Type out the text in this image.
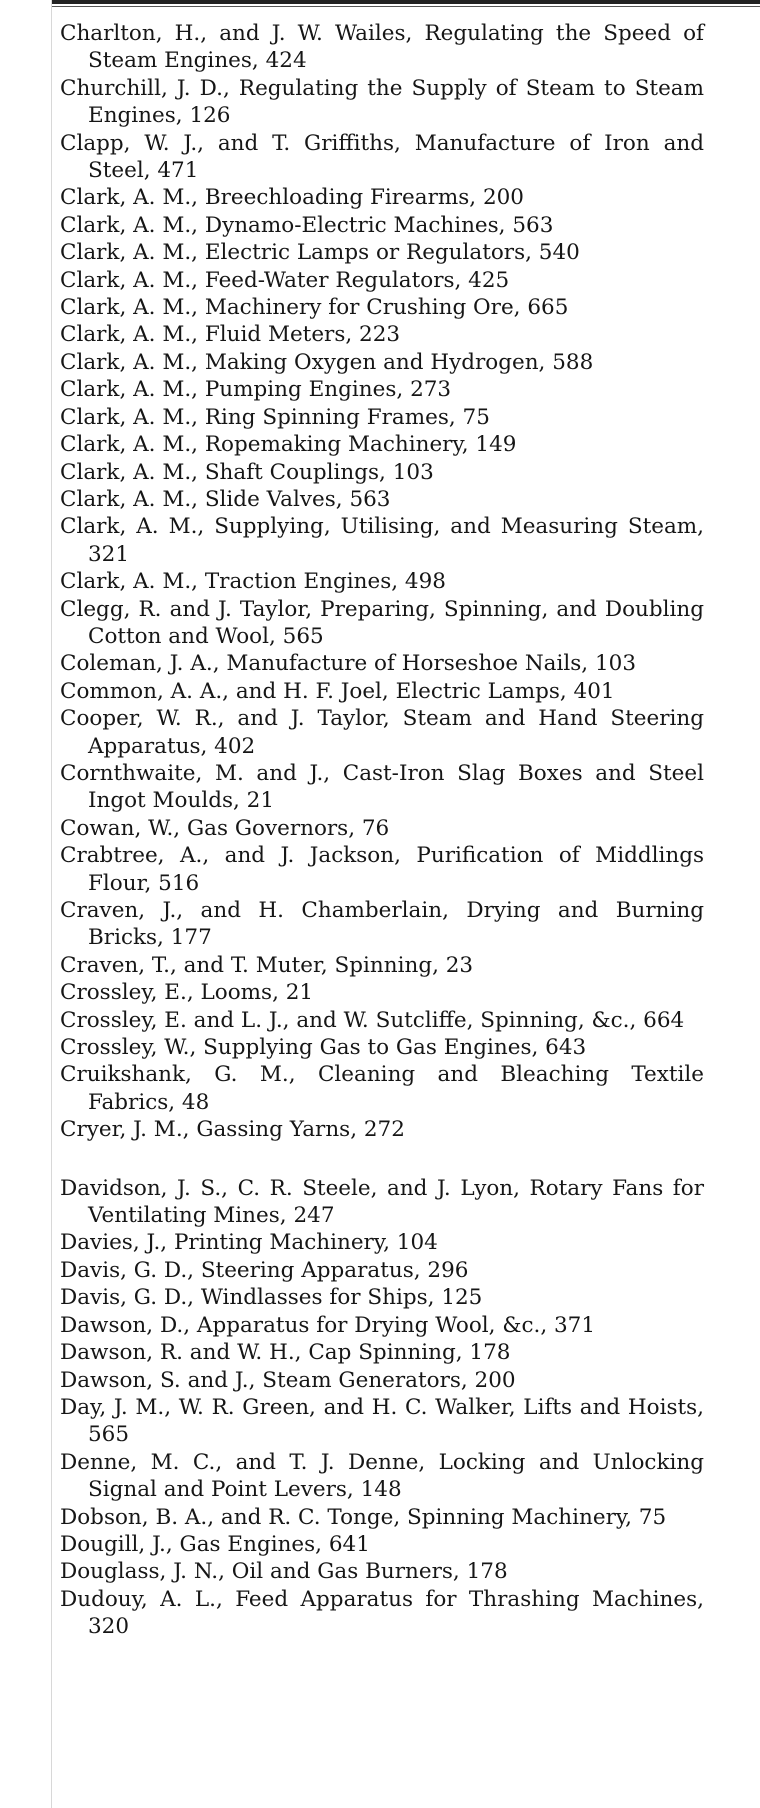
Charlton, H., and J. W. Wailes, Regulating the Speed of Steam Engines, 424
Churchill, J. D., Regulating the Supply of Steam to Steam Engines, 126
Clapp, W. J., and T. Griffiths, Manufacture of Iron and Steel, 471
Clark, A. M., Breechloading Firearms, 200
Clark, A. M., Dynamo-Electric Machines, 563
Clark, A. M., Electric Lamps or Regulators, 540
Clark, A. M., Feed-Water Regulators, 425
Clark, A. M., Machinery for Crushing Ore, 665
Clark, A. M., Fluid Meters, 223
Clark, A. M., Making Oxygen and Hydrogen, 588
Clark, A. M., Pumping Engines, 273
Clark, A. M., Ring Spinning Frames, 75
Clark, A. M., Ropemaking Machinery, 149
Clark, A. M., Shaft Couplings, 103
Clark, A. M., Slide Valves, 563
Clark, A. M., Supplying, Utilising, and Measuring Steam, 321
Clark, A. M., Traction Engines, 498
Clegg, R. and J. Taylor, Preparing, Spinning, and Doubling Cotton and Wool, 565
Coleman, J. A., Manufacture of Horseshoe Nails, 103
Common, A. A., and H. F. Joel, Electric Lamps, 401
Cooper, W. R., and J. Taylor, Steam and Hand Steering Apparatus, 402
Cornthwaite, M. and J., Cast-Iron Slag Boxes and Steel Ingot Moulds, 21
Cowan, W., Gas Governors, 76
Crabtree, A., and J. Jackson, Purification of Middlings Flour, 516
Craven, J., and H. Chamberlain, Drying and Burning Bricks, 177
Craven, T., and T. Muter, Spinning, 23
Crossley, E., Looms, 21
Crossley, E. and L. J., and W. Sutcliffe, Spinning, &c., 664
Crossley, W., Supplying Gas to Gas Engines, 643
Cruikshank, G. M., Cleaning and Bleaching Textile Fabrics, 48
Cryer, J. M., Gassing Yarns, 272
Davidson, J. S., C. R. Steele, and J. Lyon, Rotary Fans for Ventilating Mines, 247
Davies, J., Printing Machinery, 104
Davis, G. D., Steering Apparatus, 296
Davis, G. D., Windlasses for Ships, 125
Dawson, D., Apparatus for Drying Wool, &c., 371
Dawson, R. and W. H., Cap Spinning, 178
Dawson, S. and J., Steam Generators, 200
Day, J. M., W. R. Green, and H. C. Walker, Lifts and Hoists, 565
Denne, M. C., and T. J. Denne, Locking and Unlocking Signal and Point Levers, 148
Dobson, B. A., and R. C. Tonge, Spinning Machinery, 75
Dougill, J., Gas Engines, 641
Douglass, J. N., Oil and Gas Burners, 178
Dudouy, A. L., Feed Apparatus for Thrashing Machines, 320
